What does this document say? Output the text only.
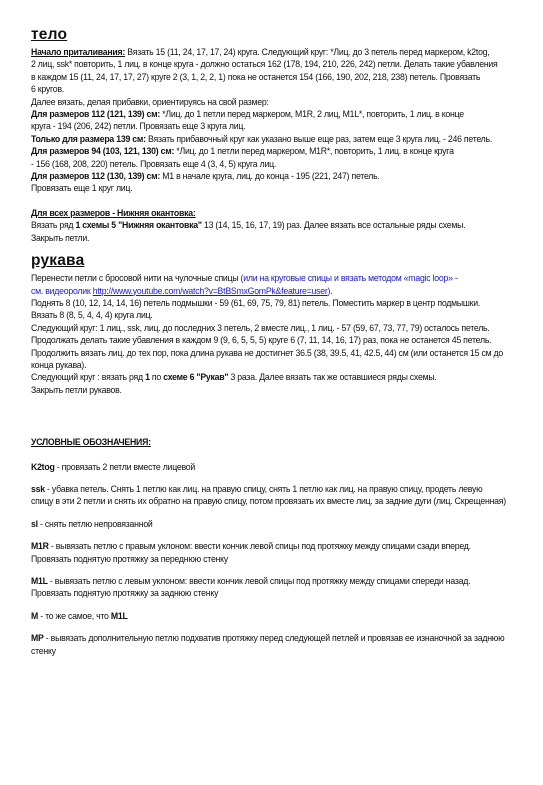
тело

Начало приталивания: Вязать 15 (11, 24, 17, 17, 24) круга. Следующий круг: *Лиц. до 3 петель перед маркером, k2tog,

2 лиц, ssk* повторить, 1 лиц. в конце круга - должно остаться 162 (178, 194, 210, 226, 242) петли. Делать такие убавления

в каждом 15 (11, 24, 17, 17, 27) круге 2 (3, 1, 2, 2, 1) пока не останется 154 (166, 190, 202, 218, 238) петель. Провязать

6 кругов.

Далее вязать, делая прибавки, ориентируясь на свой размер:

Для размеров 112 (121, 139) см: *Лиц. до 1 петли перед маркером, M1R, 2 лиц, M1L*, повторить, 1 лиц. в конце

круга - 194 (206, 242) петли. Провязать еще 3 круга лиц.

Только для размера 139 см: Вязать прибавочный круг как указано выше еще раз, затем еще 3 круга лиц. - 246 петель.

Для размеров 94 (103, 121, 130) см: *Лиц. до 1 петли перед маркером, M1R*, повторить, 1 лиц. в конце круга

- 156 (168, 208, 220) петель. Провязать еще 4 (3, 4, 5) круга лиц.

Для размеров 112 (130, 139) см: M1 в начале круга, лиц. до конца - 195 (221, 247) петель.

Провязать еще 1 круг лиц.

Для всех размеров - Нижняя окантовка:

Вязать ряд 1 схемы 5 "Нижняя окантовка" 13 (14, 15, 16, 17, 19) раз. Далее вязать все остальные ряды схемы.

Закрыть петли.

рукава

Перенести петли с бросовой нити на чулочные спицы (или на круговые спицы и вязать методом «magic loop» -

см. видеоролик http://www.youtube.com/watch?v=BtBSmxGomPk&feature=user).

Поднять 8 (10, 12, 14, 14, 16) петель подмышки - 59 (61, 69, 75, 79, 81) петель. Поместить маркер в центр подмышки.

Вязать 8 (8, 5, 4, 4, 4) круга лиц.

Следующий круг: 1 лиц., ssk, лиц. до последних 3 петель, 2 вместе лиц., 1 лиц. - 57 (59, 67, 73, 77, 79) осталось петель.

Продолжать делать такие убавления в каждом 9 (9, 6, 5, 5, 5) круге 6 (7, 11, 14, 16, 17) раз, пока не останется 45 петель.

Продолжить вязать лиц. до тех пор, пока длина рукава не достигнет 36.5 (38, 39.5, 41, 42.5, 44) см (или останется 15 см до

конца рукава).

Следующий круг : вязать ряд 1 по схеме 6 "Рукав" 3 раза. Далее вязать так же оставшиеся ряды схемы.

Закрыть петли рукавов.

УСЛОВНЫЕ ОБОЗНАЧЕНИЯ:

K2tog - провязать 2 петли вместе лицевой

ssk - убавка петель. Снять 1 петлю как лиц. на правую спицу, снять 1 петлю как лиц. на правую спицу, продеть левую

спицу в эти 2 петли и снять их обратно на правую спицу, потом провязать их вместе лиц. за задние дуги (лиц. Скрещенная)

sl - снять петлю непровязанной

M1R - вывязать петлю с правым уклоном: ввести кончик левой спицы под протяжку между спицами сзади вперед.

Провязать поднятую протяжку за переднюю стенку

M1L - вывязать петлю с левым уклоном: ввести кончик левой спицы под протяжку между спицами спереди назад.

Провязать поднятую протяжку за заднюю стенку

M - то же самое, что M1L

MP - вывязать дополнительную петлю подхватив протяжку перед следующей петлей и провязав ее изнаночной за заднюю

стенку
